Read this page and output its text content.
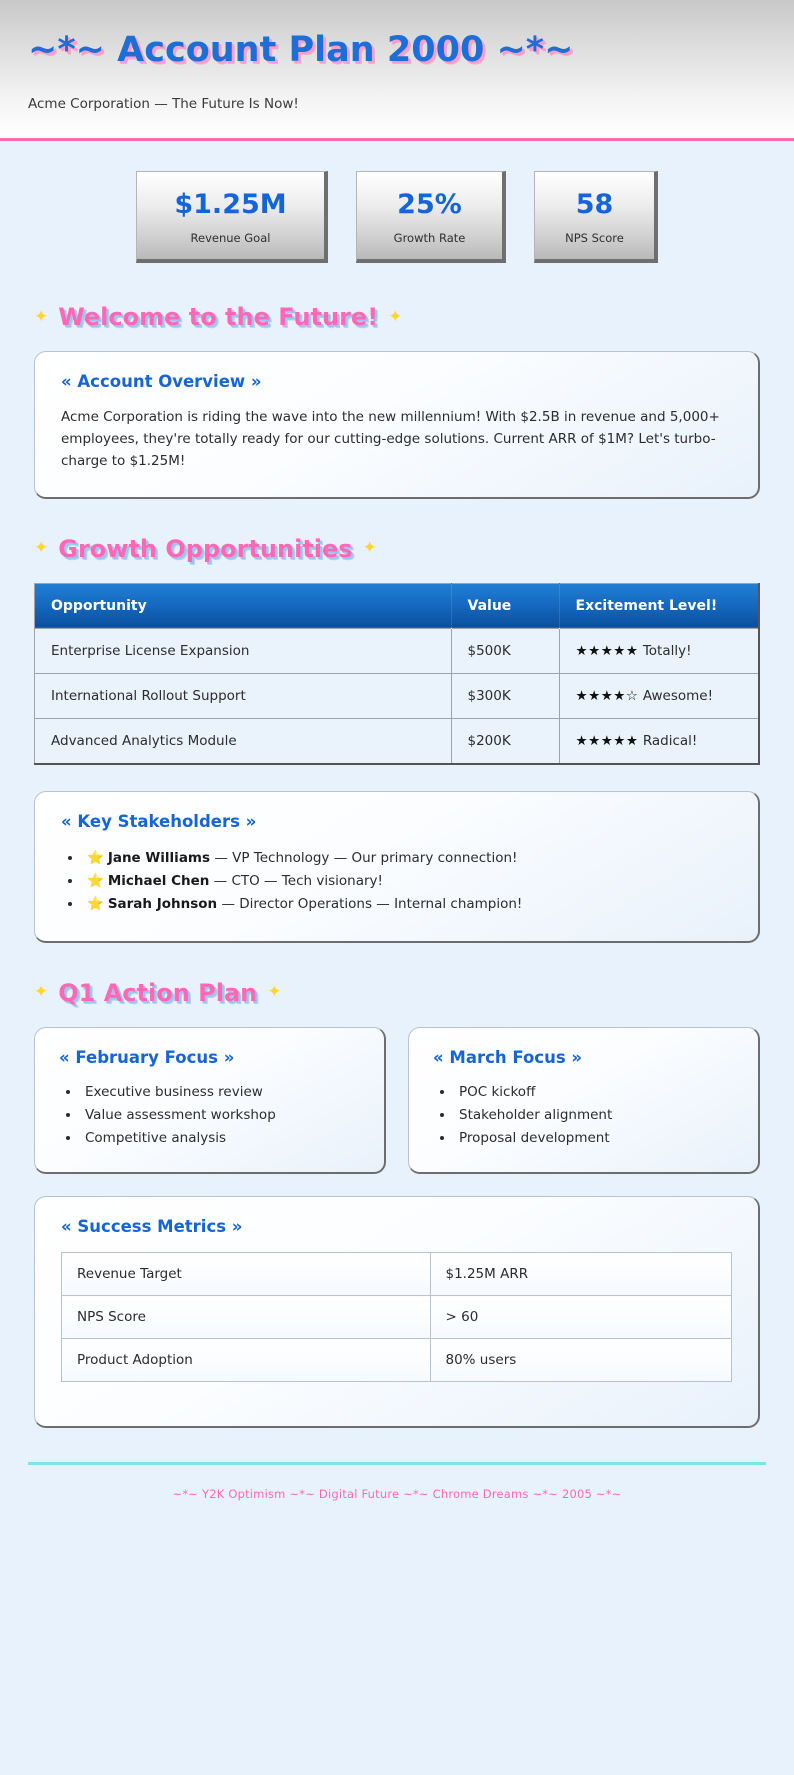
~*~ Account Plan 2000 ~*~

Acme Corporation — The Future Is Now!

$1.25M
Revenue Goal
25%
Growth Rate
58
NPS Score
✦ Welcome to the Future! ✦
« Account Overview »

Acme Corporation is riding the wave into the new millennium! With $2.5B in revenue and 5,000+ employees, they're totally ready for our cutting-edge solutions. Current ARR of $1M? Let's turbo-charge to $1.25M!

✦ Growth Opportunities ✦
Opportunity	Value	Excitement Level!
Enterprise License Expansion	$500K	★★★★★ Totally!
International Rollout Support	$300K	★★★★☆ Awesome!
Advanced Analytics Module	$200K	★★★★★ Radical!
« Key Stakeholders »
• ⭐ Jane Williams — VP Technology — Our primary connection!
• ⭐ Michael Chen — CTO — Tech visionary!
• ⭐ Sarah Johnson — Director Operations — Internal champion!
✦ Q1 Action Plan ✦
« February Focus »
• Executive business review
• Value assessment workshop
• Competitive analysis
« March Focus »
• POC kickoff
• Stakeholder alignment
• Proposal development
« Success Metrics »
Revenue Target	$1.25M ARR
NPS Score	> 60
Product Adoption	80% users
~*~ Y2K Optimism ~*~ Digital Future ~*~ Chrome Dreams ~*~ 2005 ~*~
